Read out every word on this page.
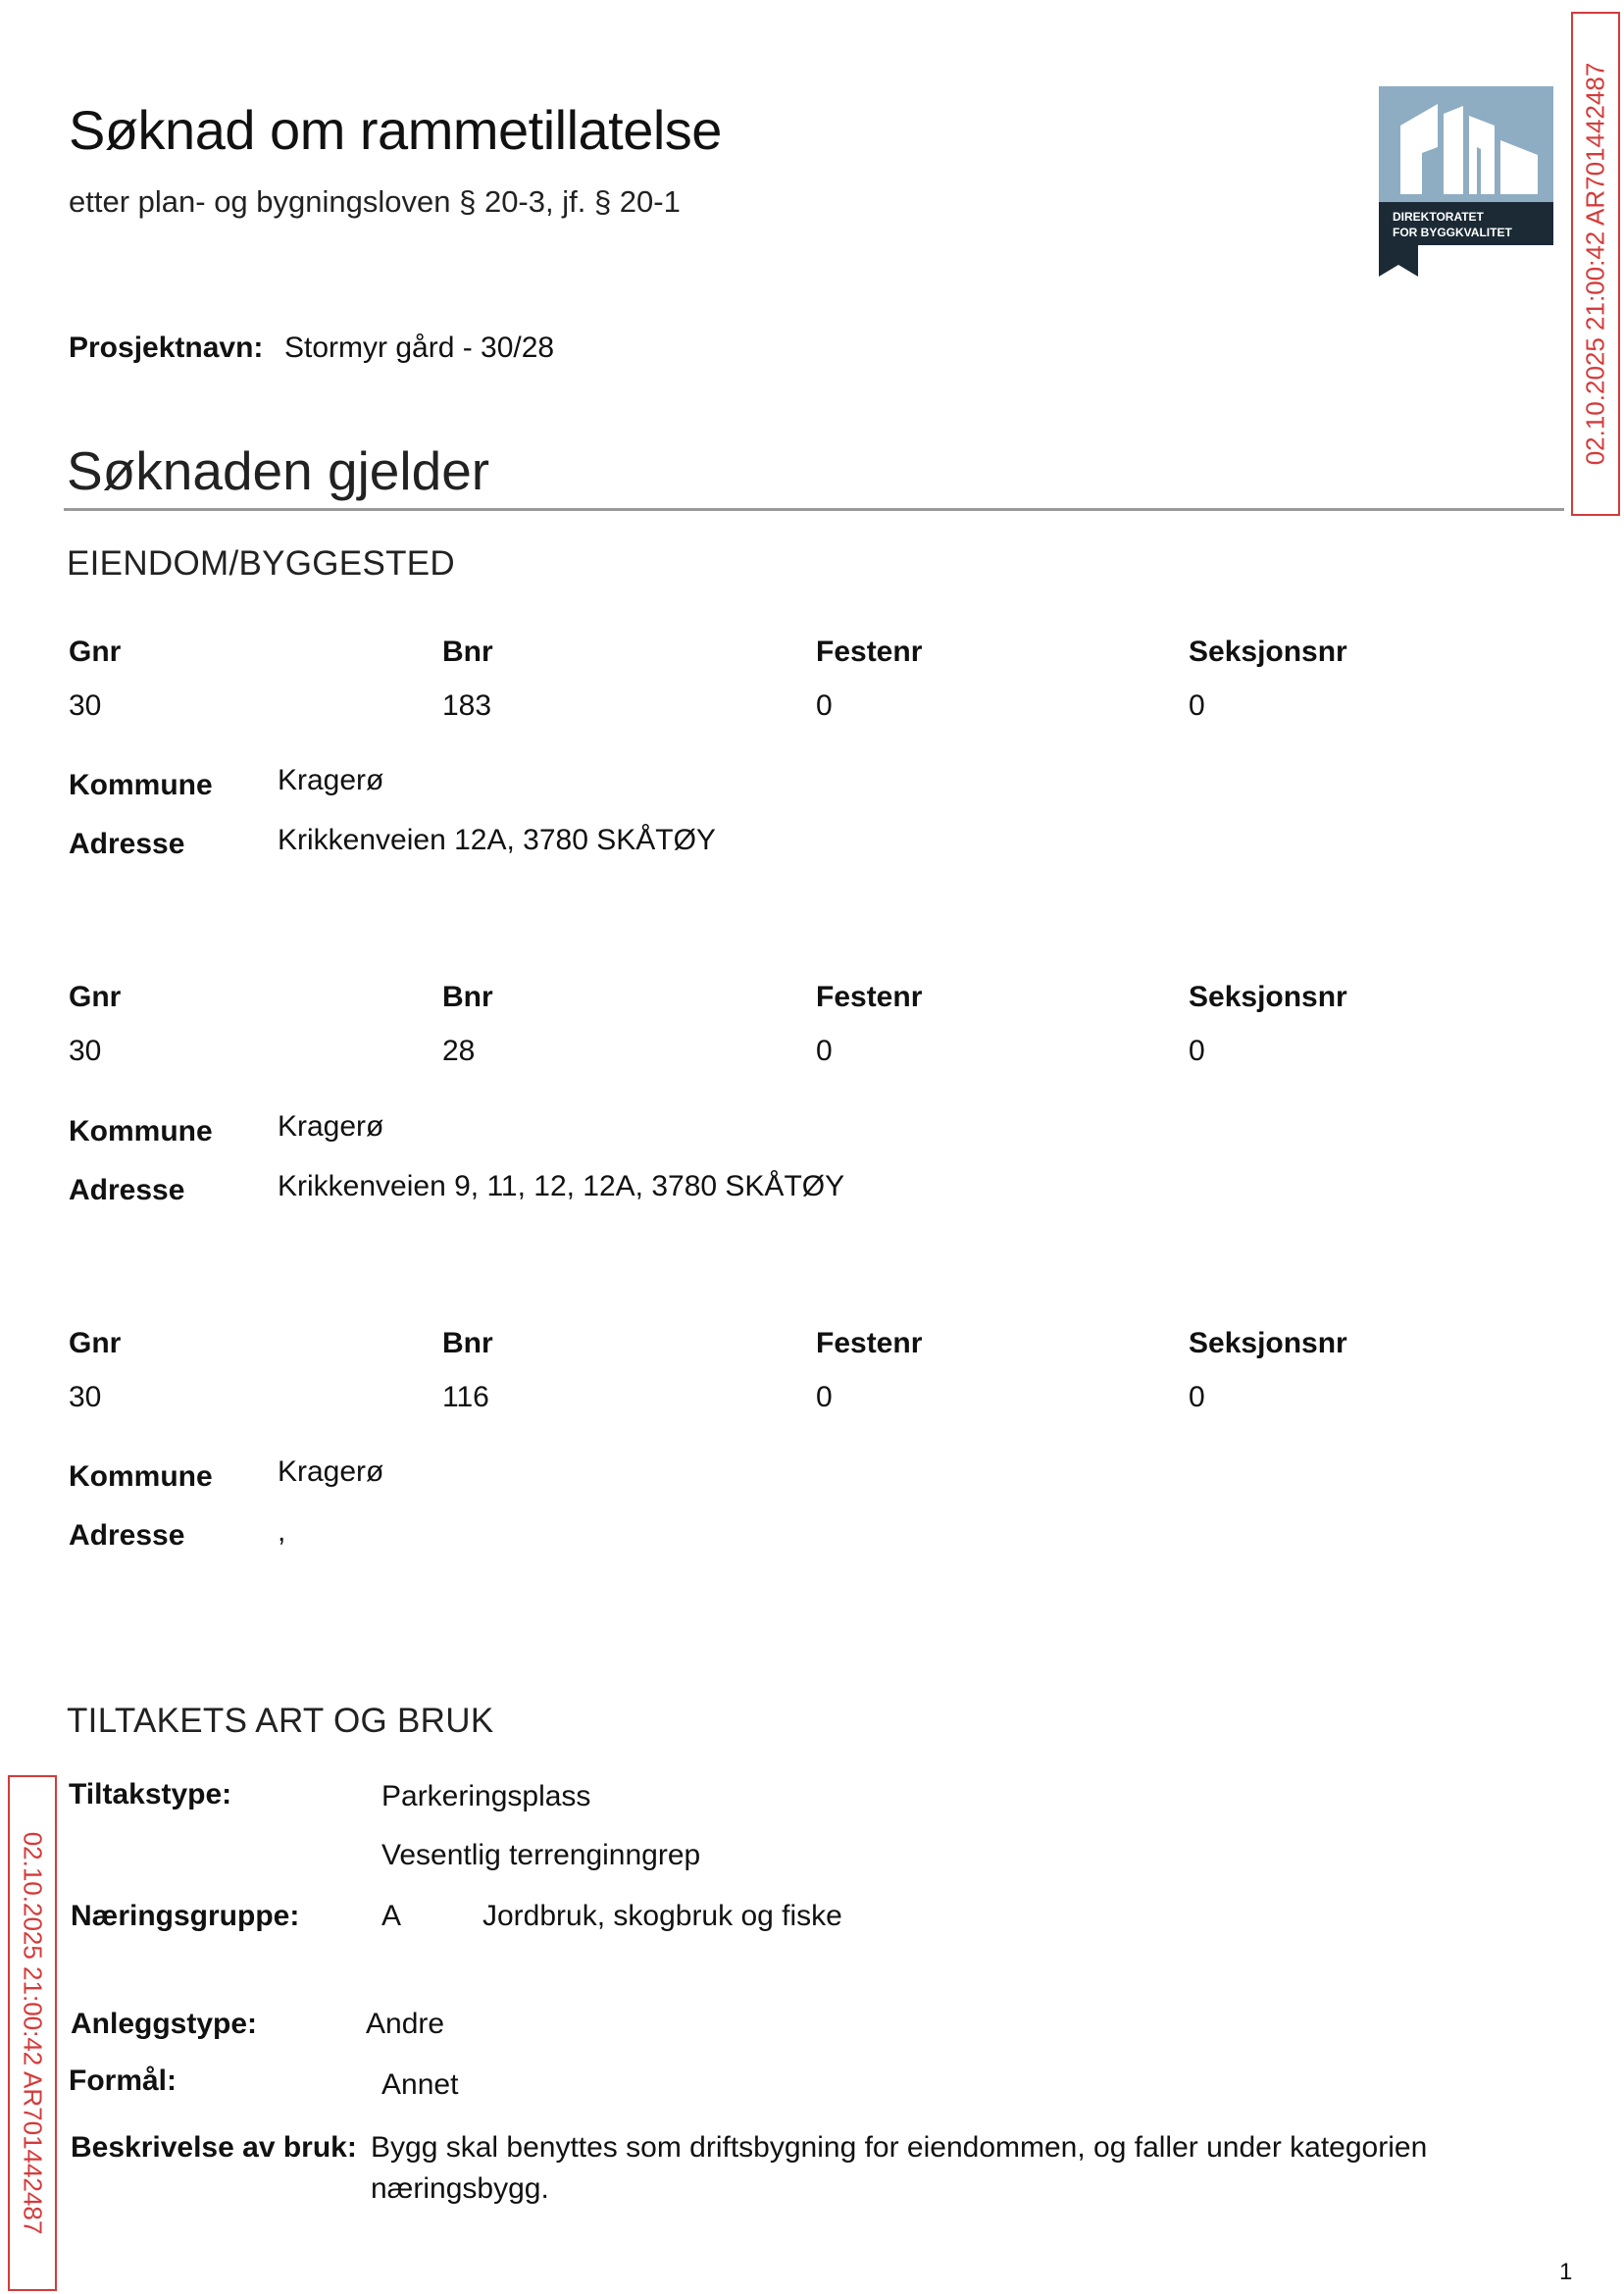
Søknad om rammetillatelse
etter plan- og bygningsloven § 20-3, jf. § 20-1	DIREKTORATET
FOR BYGGKVALITET	02.10.2025 21:00:42 AR701442487
02.10.2025 21:00:42 AR701442487
Prosjektnavn: Stormyr gård - 30/28
Søknaden gjelder
EIENDOM/BYGGESTED
Gnr	Bnr	Festenr	Seksjonsnr
30	183	0	0
Kommune Kragerø
Adresse	Krikkenveien 12A, 3780 SKÅTØY
Gnr	Bnr	Festenr	Seksjonsnr
30	28	0	0
Kommune Kragerø
Adresse	Krikkenveien 9, 11, 12, 12A, 3780 SKÅTØY
Gnr	Bnr	Festenr	Seksjonsnr
30	116	0	0
Kommune Kragerø
Adresse	,
TILTAKETS ART OG BRUK
Tiltakstype:	Parkeringsplass
Vesentlig terrenginngrep
Næringsgruppe:	A	Jordbruk, skogbruk og fiske
Anleggstype:	Andre
Formål:	Annet
Beskrivelse av bruk: Bygg skal benyttes som driftsbygning for eiendommen, og faller under kategorien
næringsbygg.
1
